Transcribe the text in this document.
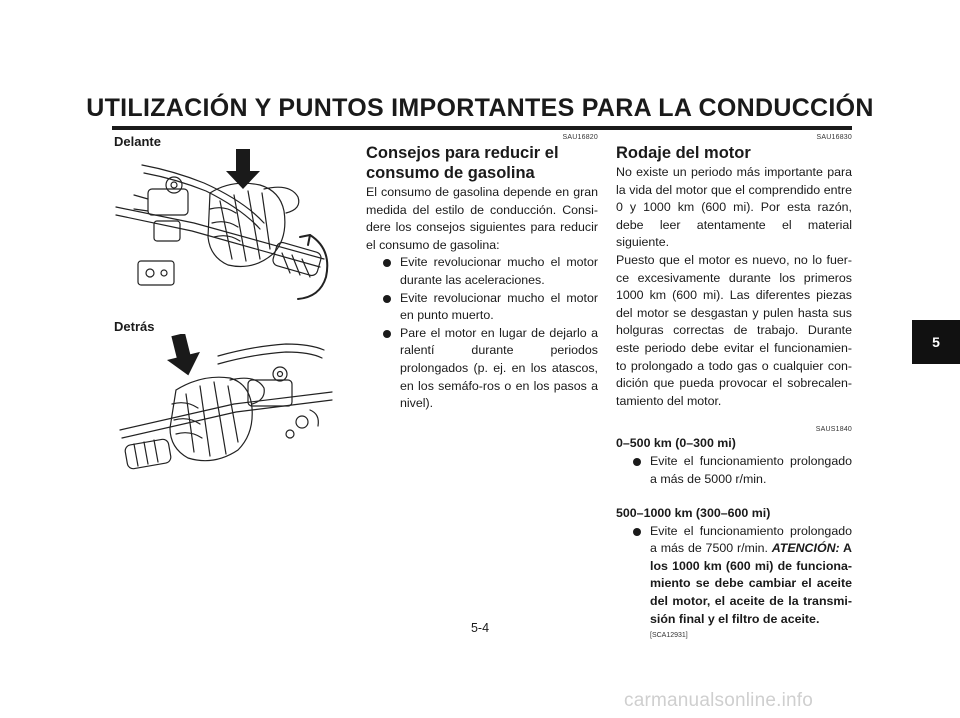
UTILIZACIÓN Y PUNTOS IMPORTANTES PARA LA CONDUCCIÓN
Delante
Detrás
SAU16820
Consejos para reducir el
consumo de gasolina
El consumo de gasolina depende en gran medida del estilo de conducción. Consi-dere los consejos siguientes para reducir el consumo de gasolina:
Evite revolucionar mucho el motor durante las aceleraciones.
Evite revolucionar mucho el motor en punto muerto.
Pare el motor en lugar de dejarlo a ralentí durante periodos prolongados (p. ej. en los atascos, en los semáfo-ros o en los pasos a nivel).
SAU16830
Rodaje del motor
No existe un periodo más importante para la vida del motor que el comprendido entre 0 y 1000 km (600 mi). Por esta razón, debe leer atentamente el material siguiente.
Puesto que el motor es nuevo, no lo fuer-ce excesivamente durante los primeros 1000 km (600 mi). Las diferentes piezas del motor se desgastan y pulen hasta sus holguras correctas de trabajo. Durante este periodo debe evitar el funcionamien-to prolongado a todo gas o cualquier con-dición que pueda provocar el sobrecalen-tamiento del motor.
SAUS1840
0–500 km (0–300 mi)
Evite el funcionamiento prolongado a más de 5000 r/min.
500–1000 km (300–600 mi)
Evite el funcionamiento prolongado a más de 7500 r/min. ATENCIÓN: A los 1000 km (600 mi) de funciona-miento se debe cambiar el aceite del motor, el aceite de la transmi-sión final y el filtro de aceite.
[SCA12931]
5
5-4
carmanualsonline.info
